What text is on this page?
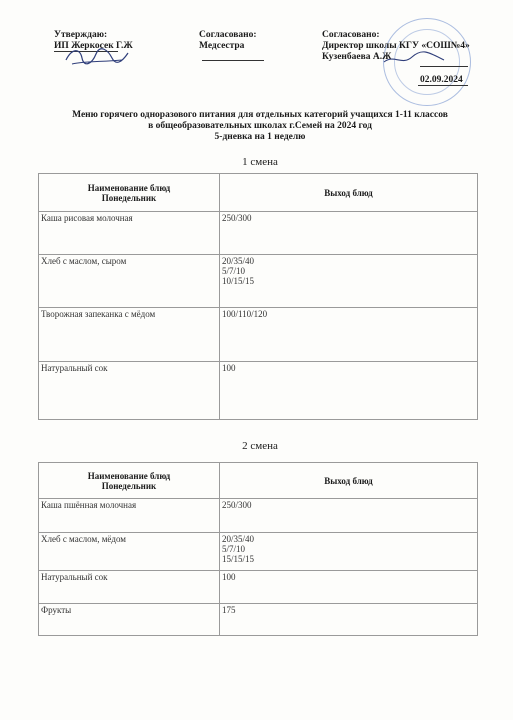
Утверждаю:
ИП Жеркосек Г.Ж
Согласовано:
Медсестра
Согласовано:
Директор школы КГУ «СОШ№4»
Кузенбаева А.Ж
02.09.2024
Меню горячего одноразового питания для отдельных категорий учащихся 1-11 классов
в общеобразовательных школах г.Семей на 2024 год
5-дневка на 1 неделю
1 смена
Наименование блюд
Понедельник	Выход блюд
Каша рисовая молочная	250/300
Хлеб с маслом, сыром	20/35/40
5/7/10
10/15/15
Творожная запеканка с мёдом	100/110/120
Натуральный сок	100
2 смена
Наименование блюд
Понедельник	Выход блюд
Каша пшённая молочная	250/300
Хлеб с маслом, мёдом	20/35/40
5/7/10
15/15/15
Натуральный сок	100
Фрукты	175
